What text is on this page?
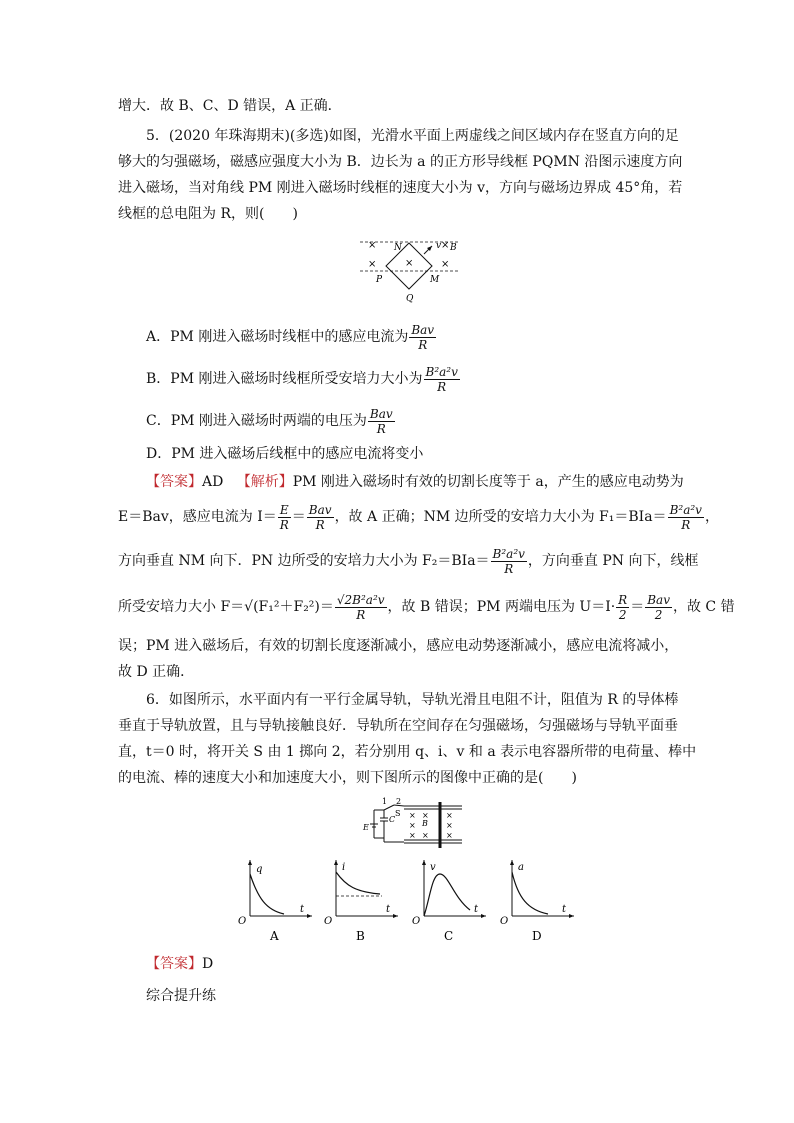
增大．故 B、C、D 错误，A 正确．
5．(2020 年珠海期末)(多选)如图，光滑水平面上两虚线之间区域内存在竖直方向的足
够大的匀强磁场，磁感应强度大小为 B．边长为 a 的正方形导线框 PQMN 沿图示速度方向
进入磁场，当对角线 PM 刚进入磁场时线框的速度大小为 v，方向与磁场边界成 45°角，若
线框的总电阻为 R，则(　　)
×
×	×
×
×
N	v B
P	M
Q
A．PM 刚进入磁场时线框中的感应电流为 $\frac{\text{Bav}}{R}$
B．PM 刚进入磁场时线框所受安培力大小为 $\frac{\text{B²a²v}}{R}$
C．PM 刚进入磁场时两端的电压为 $\frac{\text{Bav}}{R}$
D．PM 进入磁场后线框中的感应电流将变小
【答案】AD 【解析】PM 刚进入磁场时有效的切割长度等于 a，产生的感应电动势为
E＝Bav，感应电流为 $I= \frac{E}{R} = \frac{\text{Bav}}{R}$ ，故 A 正确；NM 边所受的安培力大小为 $F_1=BIa= \frac{\text{B²a²v}}{R}$ ，
方向垂直 NM 向下．PN 边所受的安培力大小为 $F_2=BIa= \frac{\text{B²a²v}}{R}$ ，方向垂直 PN 向下，线框
所受安培力大小 $F=√(F_1^2+F_2^2)= \frac{\text{√2B²a²v}}{R}$ ，故 B 错误；PM 两端电压为 $U=I\cdot \frac{R}{2} = \frac{\text{Bav}}{2}$ ，故 C 错
误；PM 进入磁场后，有效的切割长度逐渐减小，感应电动势逐渐减小，感应电流将减小，
故 D 正确．
6．如图所示，水平面内有一平行金属导轨，导轨光滑且电阻不计，阻值为 R 的导体棒
垂直于导轨放置，且与导轨接触良好．导轨所在空间存在匀强磁场，匀强磁场与导轨平面垂
直，t＝0 时，将开关 S 由 1 掷向 2，若分别用 q、i、v 和 a 表示电容器所带的电荷量、棒中
的电流、棒的速度大小和加速度大小，则下图所示的图像中正确的是(　　)
1 2
S
C
E	B
× × ×
×	×
× × ×
q
t
O
A
i
t
O
B
v
t
O
C
a
t
O
D
【答案】D
综合提升练
